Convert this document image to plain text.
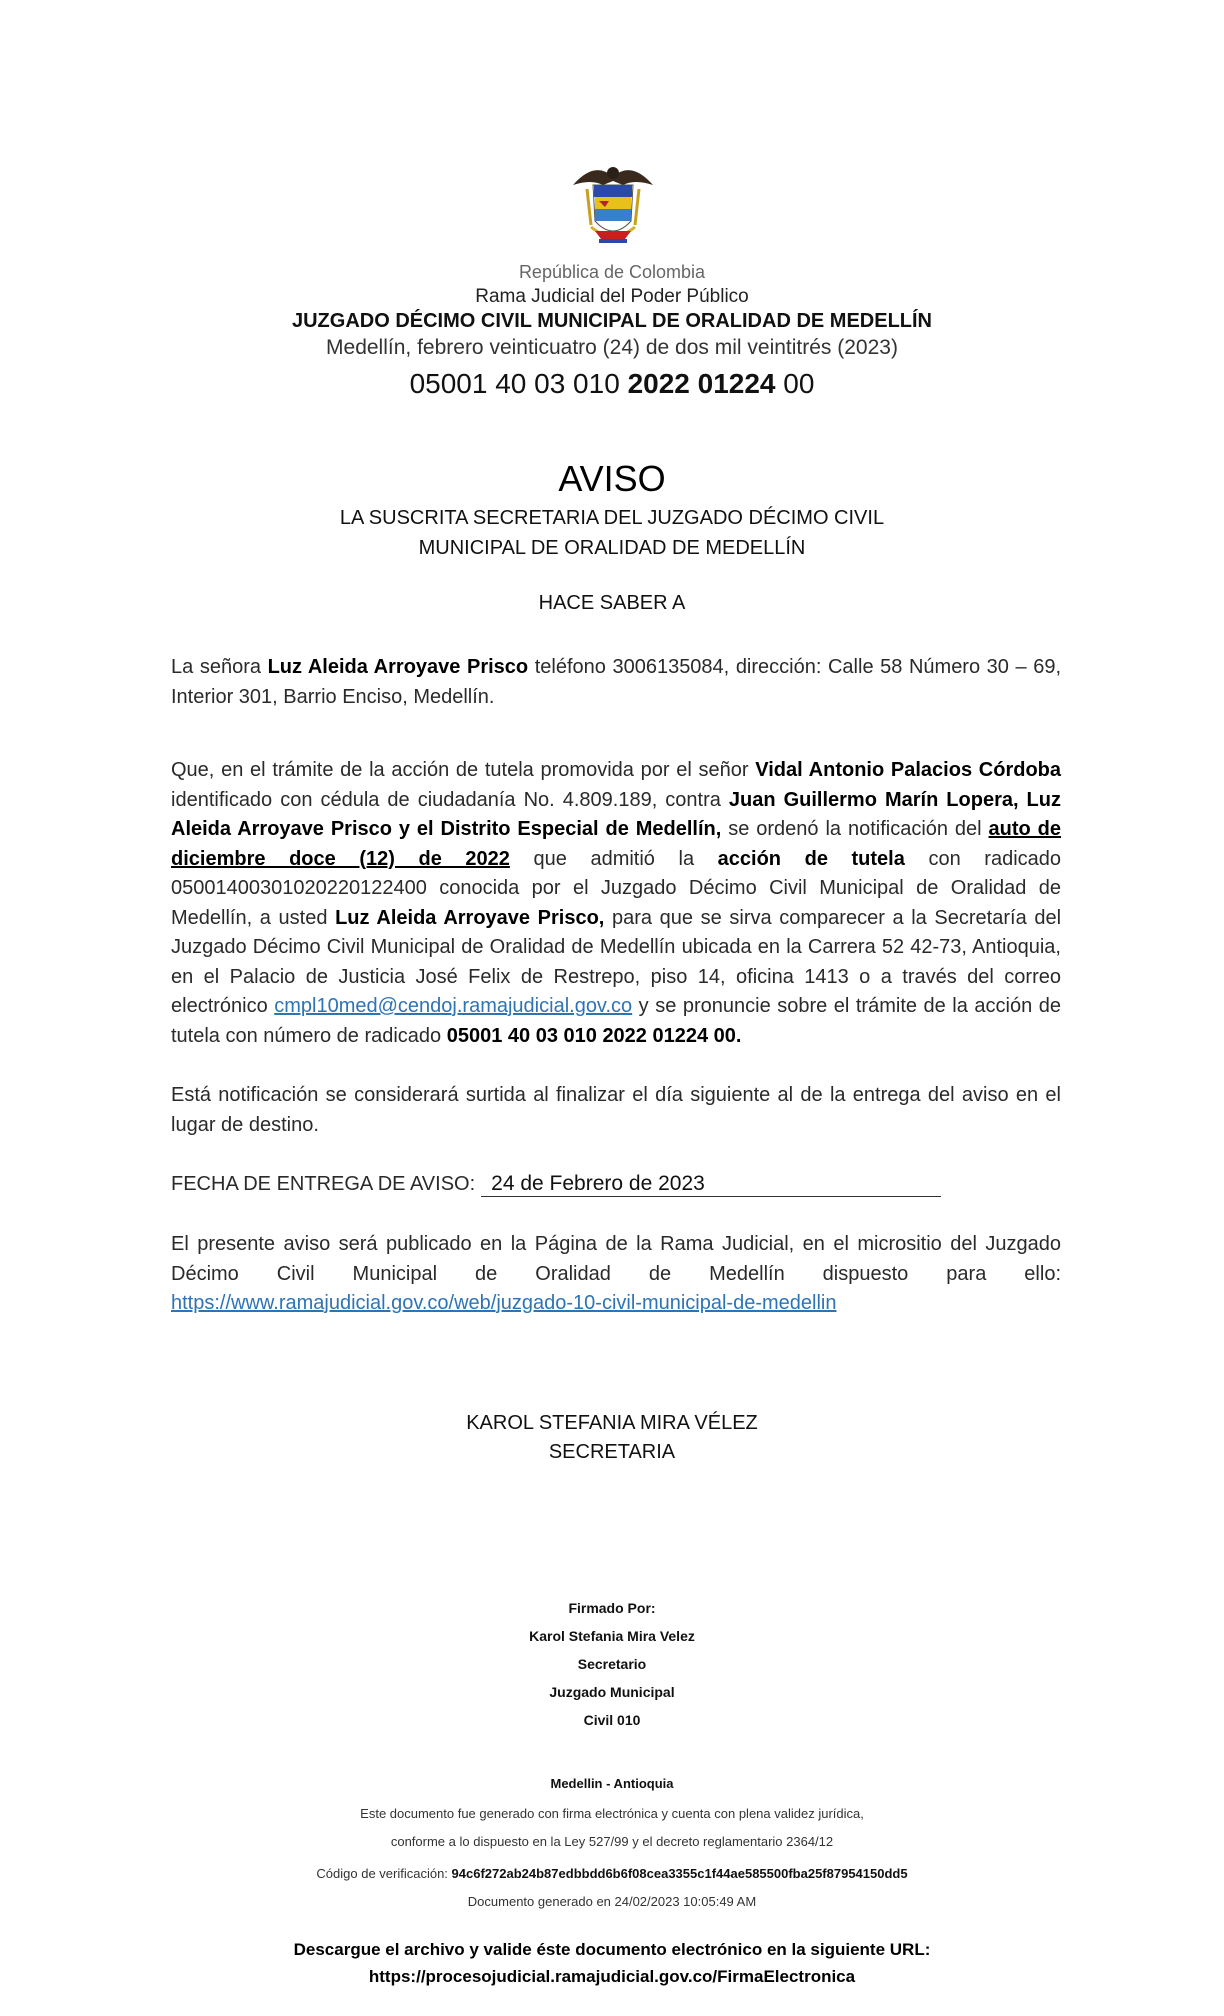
República de Colombia
Rama Judicial del Poder Público
JUZGADO DÉCIMO CIVIL MUNICIPAL DE ORALIDAD DE MEDELLÍN
Medellín, febrero veinticuatro (24) de dos mil veintitrés (2023)
05001 40 03 010 2022 01224 00
AVISO
LA SUSCRITA SECRETARIA DEL JUZGADO DÉCIMO CIVIL MUNICIPAL DE ORALIDAD DE MEDELLÍN
HACE SABER A
La señora Luz Aleida Arroyave Prisco teléfono 3006135084, dirección: Calle 58 Número 30 – 69, Interior 301, Barrio Enciso, Medellín.
Que, en el trámite de la acción de tutela promovida por el señor Vidal Antonio Palacios Córdoba identificado con cédula de ciudadanía No. 4.809.189, contra Juan Guillermo Marín Lopera, Luz Aleida Arroyave Prisco y el Distrito Especial de Medellín, se ordenó la notificación del auto de diciembre doce (12) de 2022 que admitió la acción de tutela con radicado 05001400301020220122400 conocida por el Juzgado Décimo Civil Municipal de Oralidad de Medellín, a usted Luz Aleida Arroyave Prisco, para que se sirva comparecer a la Secretaría del Juzgado Décimo Civil Municipal de Oralidad de Medellín ubicada en la Carrera 52 42-73, Antioquia, en el Palacio de Justicia José Felix de Restrepo, piso 14, oficina 1413 o a través del correo electrónico cmpl10med@cendoj.ramajudicial.gov.co y se pronuncie sobre el trámite de la acción de tutela con número de radicado 05001 40 03 010 2022 01224 00.
Está notificación se considerará surtida al finalizar el día siguiente al de la entrega del aviso en el lugar de destino.
FECHA DE ENTREGA DE AVISO: 24 de Febrero de 2023
El presente aviso será publicado en la Página de la Rama Judicial, en el micrositio del Juzgado Décimo Civil Municipal de Oralidad de Medellín dispuesto para ello: https://www.ramajudicial.gov.co/web/juzgado-10-civil-municipal-de-medellin
KAROL STEFANIA MIRA VÉLEZ
SECRETARIA
Firmado Por:
Karol Stefania Mira Velez
Secretario
Juzgado Municipal
Civil 010
Medellin - Antioquia
Este documento fue generado con firma electrónica y cuenta con plena validez jurídica,
conforme a lo dispuesto en la Ley 527/99 y el decreto reglamentario 2364/12
Código de verificación: 94c6f272ab24b87edbbdd6b6f08cea3355c1f44ae585500fba25f87954150dd5
Documento generado en 24/02/2023 10:05:49 AM
Descargue el archivo y valide éste documento electrónico en la siguiente URL:
https://procesojudicial.ramajudicial.gov.co/FirmaElectronica
